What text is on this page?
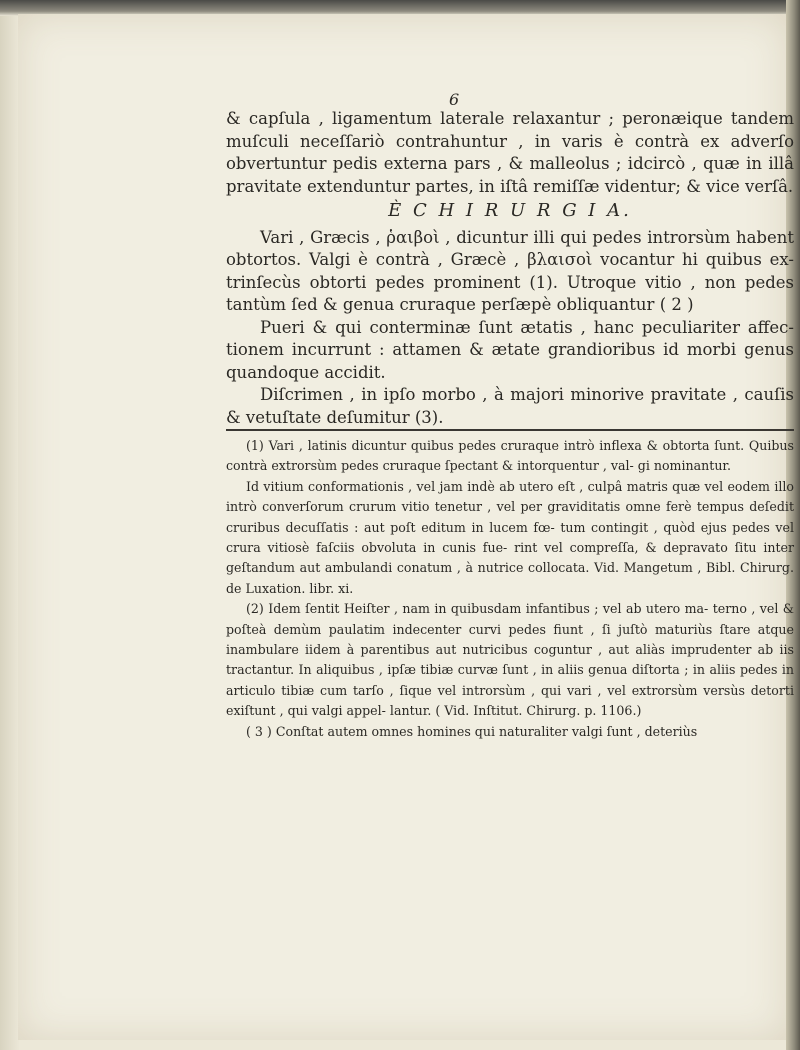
6

& capſula , ligamentum laterale relaxantur ; peronæique tandem muſculi neceſſariò contrahuntur , in varis è contrà ex adverſo obvertuntur pedis externa pars , & malleolus ; idcircò , quæ in illâ pravitate extenduntur partes, in iſtâ remiſſæ videntur; & vice verſâ.

È C H I R U R G I A.

Vari , Græcis , ῥαιβοὶ , dicuntur illi qui pedes introrsùm habent obtortos. Valgi è contrà , Græcè , βλαισοὶ vocantur hi quibus ex- trinſecùs obtorti pedes prominent (1). Utroque vitio , non pedes tantùm ſed & genua cruraque perſæpè obliquantur ( 2 )

Pueri & qui conterminæ ſunt ætatis , hanc peculiariter affec- tionem incurrunt : attamen & ætate grandioribus id morbi genus quandoque accidit.

Diſcrimen , in ipſo morbo , à majori minorive pravitate , cauſis & vetuſtate deſumitur (3).

(1) Vari , latinis dicuntur quibus pedes cruraque intrò inflexa & obtorta ſunt. Quibus contrà extrorsùm pedes cruraque ſpectant & intorquentur , val- gi nominantur.

Id vitium conformationis , vel jam indè ab utero eſt , culpâ matris quæ vel eodem illo intrò converſorum crurum vitio tenetur , vel per graviditatis omne ferè tempus deſedit cruribus decuſſatis : aut poſt editum in lucem fœ- tum contingit , quòd ejus pedes vel crura vitiosè faſciis obvoluta in cunis fue- rint vel compreſſa, & depravato ſitu inter geſtandum aut ambulandi conatum , à nutrice collocata. Vid. Mangetum , Bibl. Chirurg. de Luxation. libr. xi.

(2) Idem ſentit Heiſter , nam in quibusdam infantibus ; vel ab utero ma- terno , vel & poſteà demùm paulatim indecenter curvi pedes fiunt , ſi juſtò maturiùs ſtare atque inambulare iidem à parentibus aut nutricibus coguntur , aut aliàs imprudenter ab iis tractantur. In aliquibus , ipſæ tibiæ curvæ ſunt , in aliis genua diſtorta ; in aliis pedes in articulo tibiæ cum tarſo , ſique vel introrsùm , qui vari , vel extrorsùm versùs detorti exiſtunt , qui valgi appel- lantur. ( Vid. Inſtitut. Chirurg. p. 1106.)

( 3 ) Conſtat autem omnes homines qui naturaliter valgi ſunt , deteriùs
